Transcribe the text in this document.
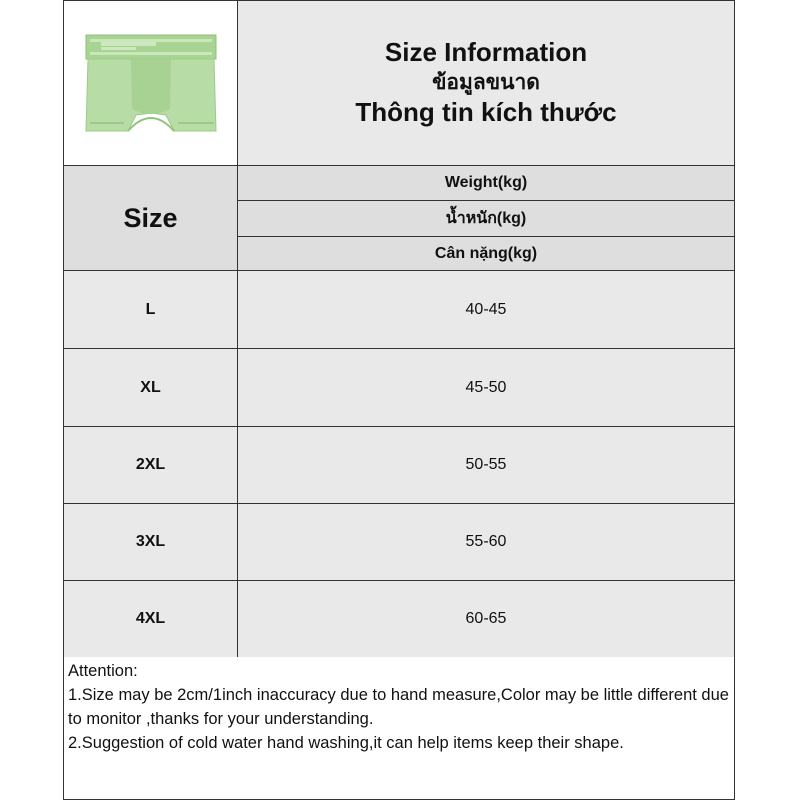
Size Information
ข้อมูลขนาด
Thông tin kích thước
Size
Weight(kg)
น้ำหนัก(kg)
Cân nặng(kg)
L	40-45
XL	45-50
2XL	50-55
3XL	55-60
4XL	60-65
Attention:
1.Size may be 2cm/1inch inaccuracy due to hand measure,Color may be little different due to monitor ,thanks for your understanding.
2.Suggestion of cold water hand washing,it can help items keep their shape.
